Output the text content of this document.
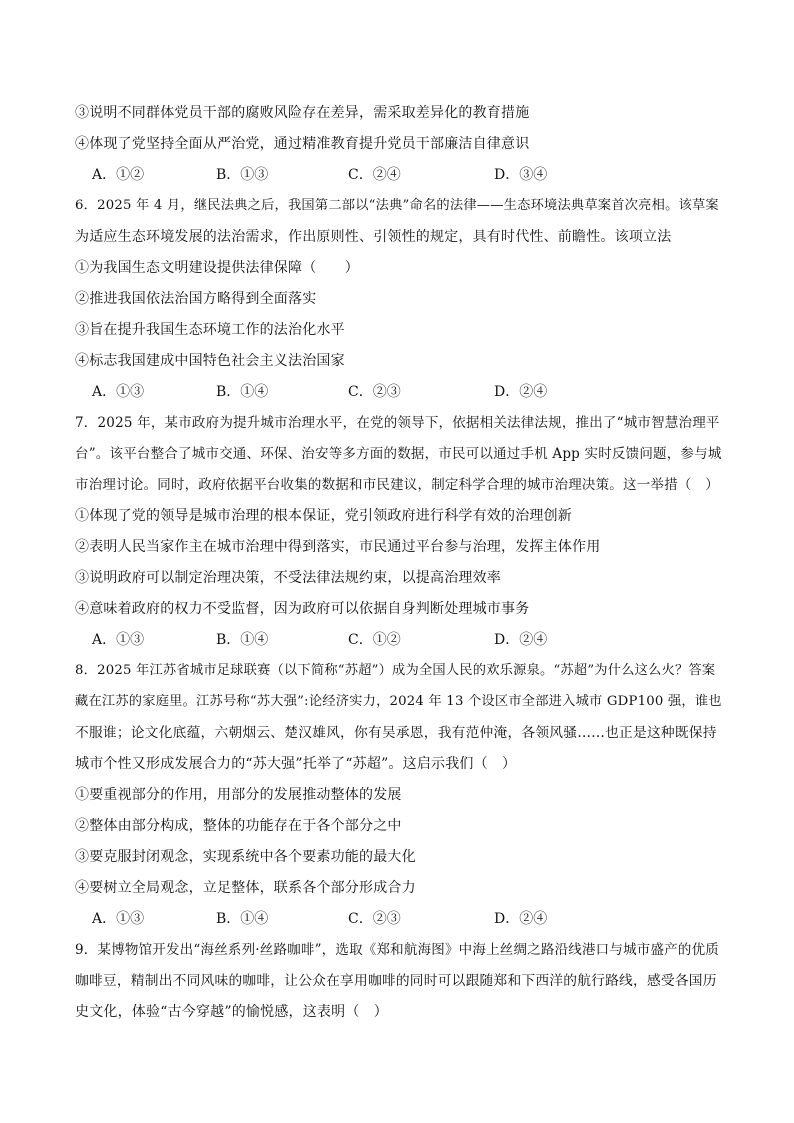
③说明不同群体党员干部的腐败风险存在差异，需采取差异化的教育措施
④体现了党坚持全面从严治党，通过精准教育提升党员干部廉洁自律意识
A．①②	B．①③	C．②④	D．③④
6．2025 年 4 月，继民法典之后，我国第二部以“法典”命名的法律——生态环境法典草案首次亮相。该草案
为适应生态环境发展的法治需求，作出原则性、引领性的规定，具有时代性、前瞻性。该项立法
①为我国生态文明建设提供法律保障（　　）
②推进我国依法治国方略得到全面落实
③旨在提升我国生态环境工作的法治化水平
④标志我国建成中国特色社会主义法治国家
A．①③	B．①④	C．②③	D．②④
7．2025 年，某市政府为提升城市治理水平，在党的领导下，依据相关法律法规，推出了“城市智慧治理平
台”。该平台整合了城市交通、环保、治安等多方面的数据，市民可以通过手机 App 实时反馈问题，参与城
市治理讨论。同时，政府依据平台收集的数据和市民建议，制定科学合理的城市治理决策。这一举措（　）
①体现了党的领导是城市治理的根本保证，党引领政府进行科学有效的治理创新
②表明人民当家作主在城市治理中得到落实，市民通过平台参与治理，发挥主体作用
③说明政府可以制定治理决策，不受法律法规约束，以提高治理效率
④意味着政府的权力不受监督，因为政府可以依据自身判断处理城市事务
A．①③	B．①④	C．①②	D．②④
8．2025 年江苏省城市足球联赛（以下简称“苏超”）成为全国人民的欢乐源泉。“苏超”为什么这么火？答案
藏在江苏的家庭里。江苏号称“苏大强”:论经济实力，2024 年 13 个设区市全部进入城市 GDP100 强，谁也
不服谁；论文化底蕴，六朝烟云、楚汉雄风，你有吴承恩，我有范仲淹，各领风骚……也正是这种既保持
城市个性又形成发展合力的“苏大强”托举了“苏超”。这启示我们（　）
①要重视部分的作用，用部分的发展推动整体的发展
②整体由部分构成，整体的功能存在于各个部分之中
③要克服封闭观念，实现系统中各个要素功能的最大化
④要树立全局观念，立足整体，联系各个部分形成合力
A．①③	B．①④	C．②③	D．②④
9．某博物馆开发出“海丝系列·丝路咖啡”，选取《郑和航海图》中海上丝绸之路沿线港口与城市盛产的优质
咖啡豆，精制出不同风味的咖啡，让公众在享用咖啡的同时可以跟随郑和下西洋的航行路线，感受各国历
史文化，体验“古今穿越”的愉悦感，这表明（　）
